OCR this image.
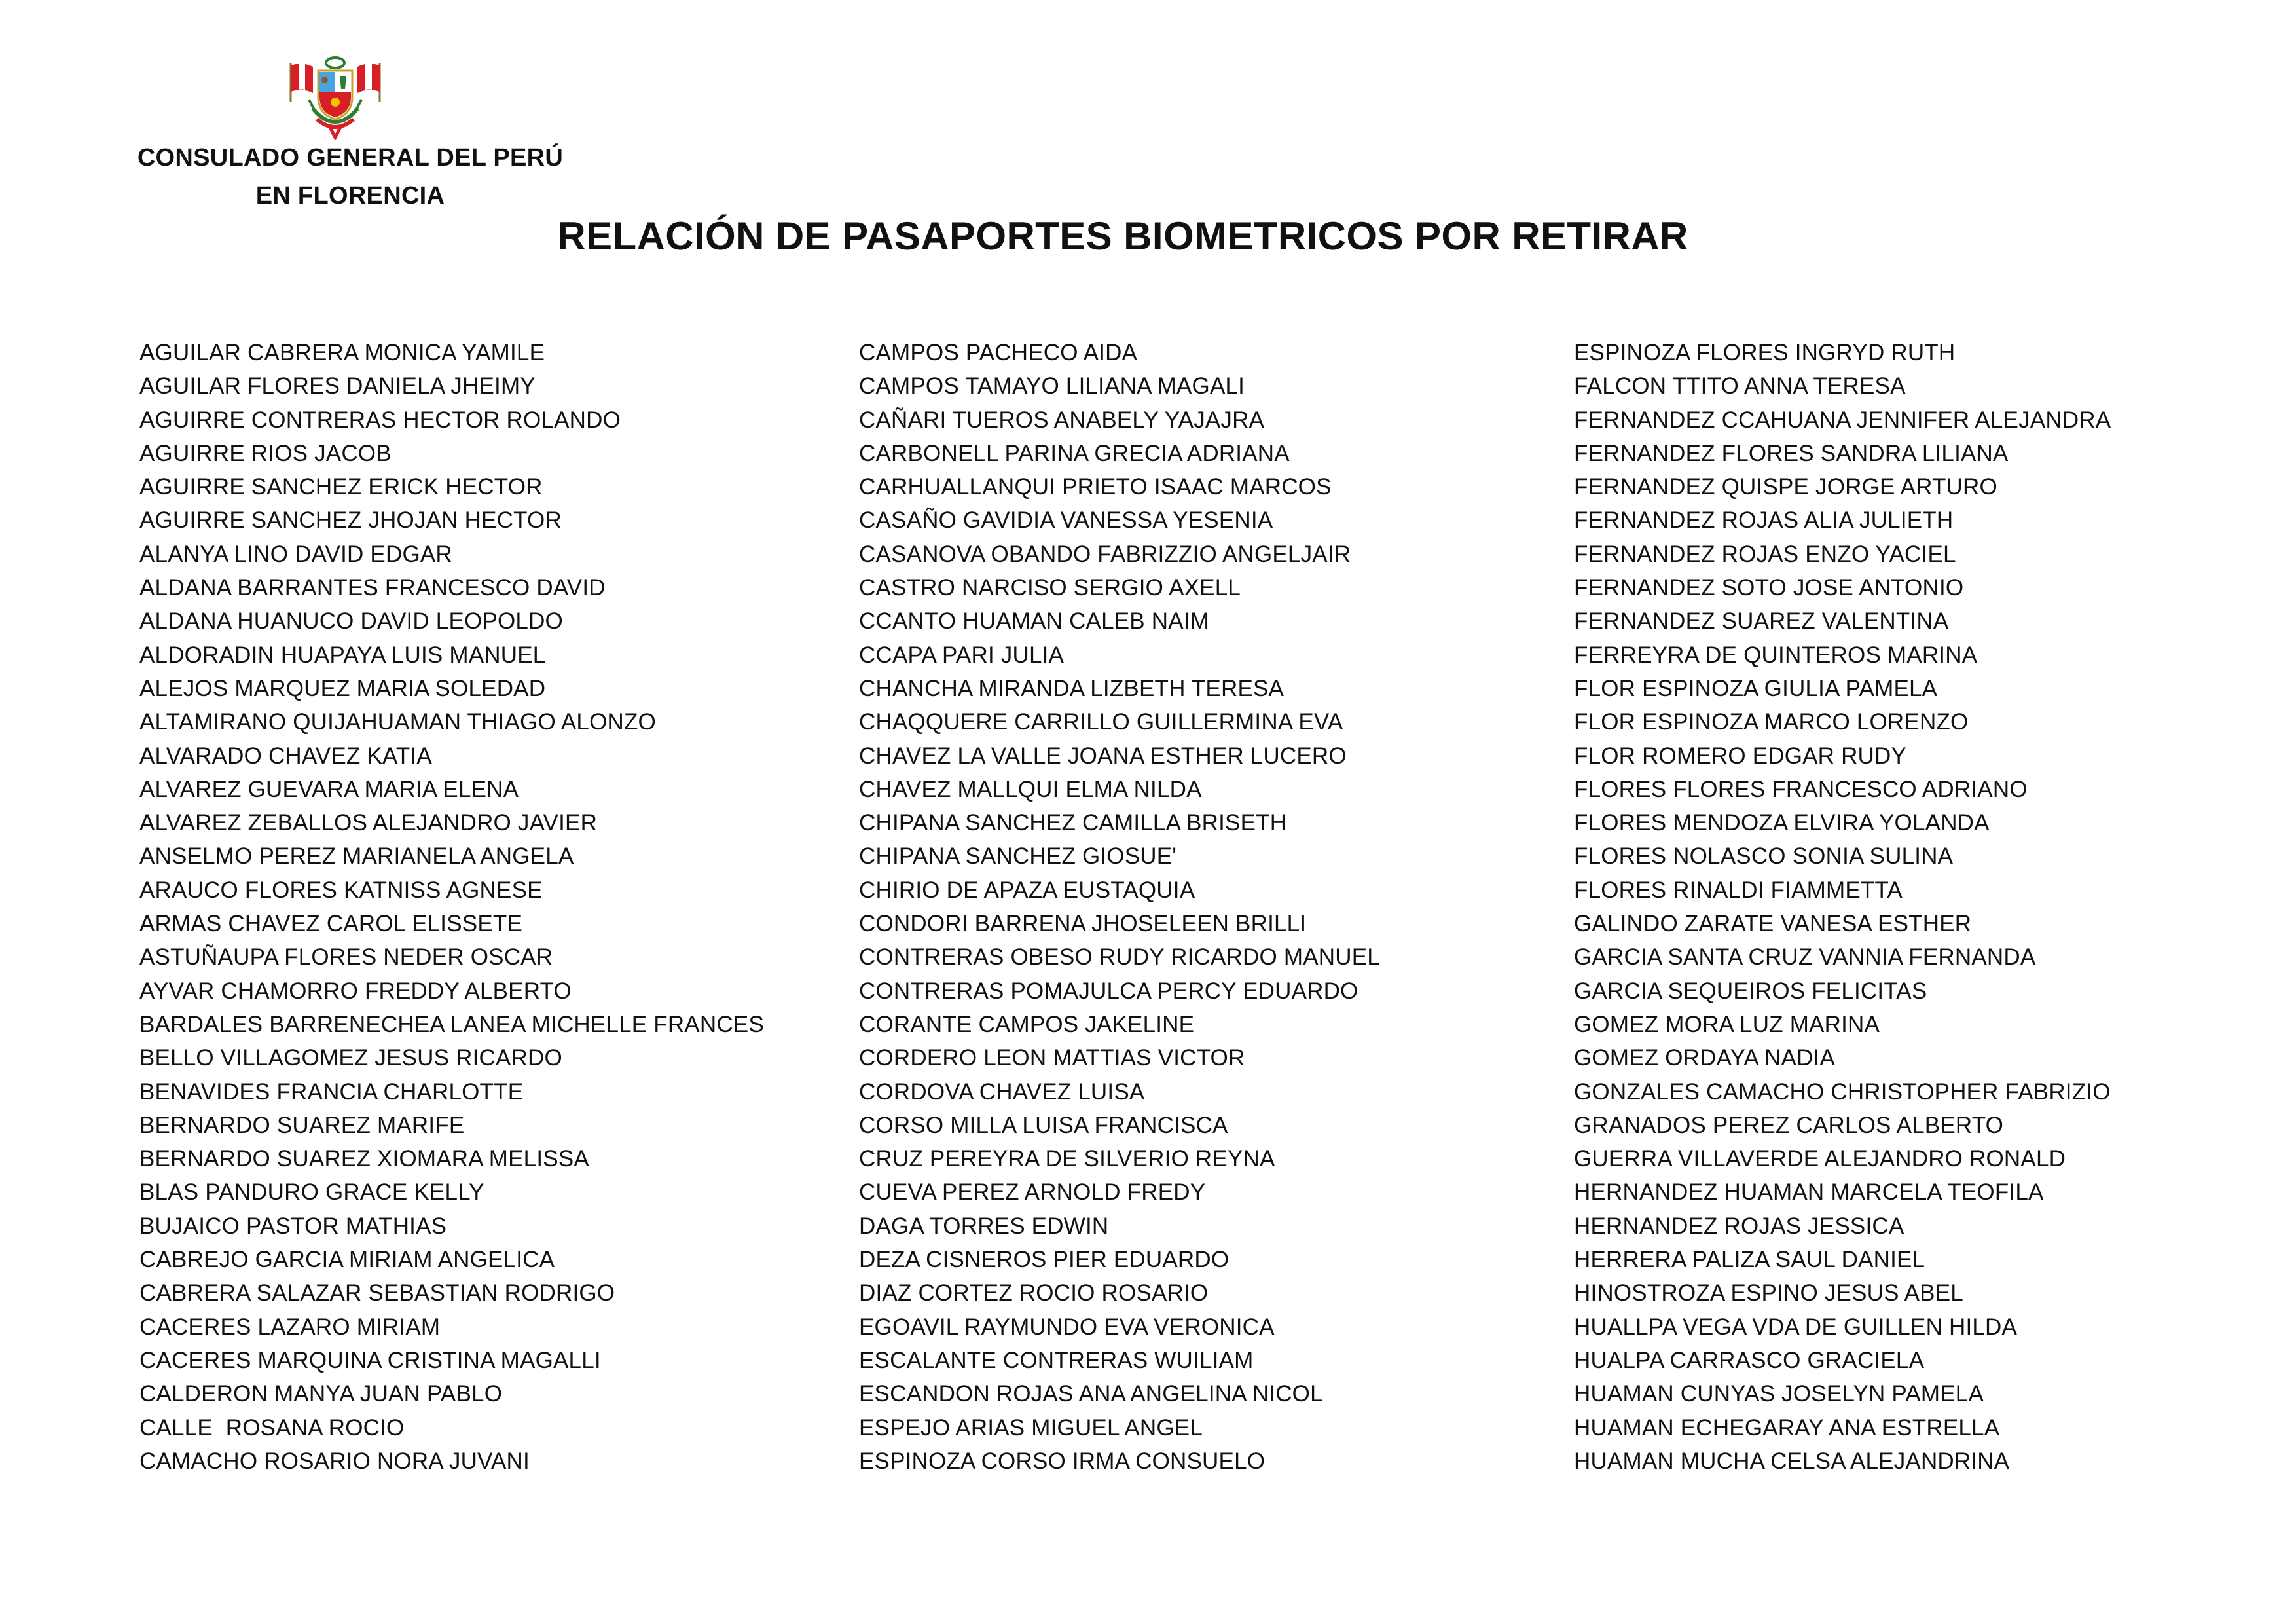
CONSULADO GENERAL DEL PERÚ
EN FLORENCIA
RELACIÓN DE PASAPORTES BIOMETRICOS POR RETIRAR
AGUILAR CABRERA MONICA YAMILE
AGUILAR FLORES DANIELA JHEIMY
AGUIRRE CONTRERAS HECTOR ROLANDO
AGUIRRE RIOS JACOB
AGUIRRE SANCHEZ ERICK HECTOR
AGUIRRE SANCHEZ JHOJAN HECTOR
ALANYA LINO DAVID EDGAR
ALDANA BARRANTES FRANCESCO DAVID
ALDANA HUANUCO DAVID LEOPOLDO
ALDORADIN HUAPAYA LUIS MANUEL
ALEJOS MARQUEZ MARIA SOLEDAD
ALTAMIRANO QUIJAHUAMAN THIAGO ALONZO
ALVARADO CHAVEZ KATIA
ALVAREZ GUEVARA MARIA ELENA
ALVAREZ ZEBALLOS ALEJANDRO JAVIER
ANSELMO PEREZ MARIANELA ANGELA
ARAUCO FLORES KATNISS AGNESE
ARMAS CHAVEZ CAROL ELISSETE
ASTUÑAUPA FLORES NEDER OSCAR
AYVAR CHAMORRO FREDDY ALBERTO
BARDALES BARRENECHEA LANEA MICHELLE FRANCES
BELLO VILLAGOMEZ JESUS RICARDO
BENAVIDES FRANCIA CHARLOTTE
BERNARDO SUAREZ MARIFE
BERNARDO SUAREZ XIOMARA MELISSA
BLAS PANDURO GRACE KELLY
BUJAICO PASTOR MATHIAS
CABREJO GARCIA MIRIAM ANGELICA
CABRERA SALAZAR SEBASTIAN RODRIGO
CACERES LAZARO MIRIAM
CACERES MARQUINA CRISTINA MAGALLI
CALDERON MANYA JUAN PABLO
CALLE  ROSANA ROCIO
CAMACHO ROSARIO NORA JUVANI
CAMPOS PACHECO AIDA
CAMPOS TAMAYO LILIANA MAGALI
CAÑARI TUEROS ANABELY YAJAJRA
CARBONELL PARINA GRECIA ADRIANA
CARHUALLANQUI PRIETO ISAAC MARCOS
CASAÑO GAVIDIA VANESSA YESENIA
CASANOVA OBANDO FABRIZZIO ANGELJAIR
CASTRO NARCISO SERGIO AXELL
CCANTO HUAMAN CALEB NAIM
CCAPA PARI JULIA
CHANCHA MIRANDA LIZBETH TERESA
CHAQQUERE CARRILLO GUILLERMINA EVA
CHAVEZ LA VALLE JOANA ESTHER LUCERO
CHAVEZ MALLQUI ELMA NILDA
CHIPANA SANCHEZ CAMILLA BRISETH
CHIPANA SANCHEZ GIOSUE'
CHIRIO DE APAZA EUSTAQUIA
CONDORI BARRENA JHOSELEEN BRILLI
CONTRERAS OBESO RUDY RICARDO MANUEL
CONTRERAS POMAJULCA PERCY EDUARDO
CORANTE CAMPOS JAKELINE
CORDERO LEON MATTIAS VICTOR
CORDOVA CHAVEZ LUISA
CORSO MILLA LUISA FRANCISCA
CRUZ PEREYRA DE SILVERIO REYNA
CUEVA PEREZ ARNOLD FREDY
DAGA TORRES EDWIN
DEZA CISNEROS PIER EDUARDO
DIAZ CORTEZ ROCIO ROSARIO
EGOAVIL RAYMUNDO EVA VERONICA
ESCALANTE CONTRERAS WUILIAM
ESCANDON ROJAS ANA ANGELINA NICOL
ESPEJO ARIAS MIGUEL ANGEL
ESPINOZA CORSO IRMA CONSUELO
ESPINOZA FLORES INGRYD RUTH
FALCON TTITO ANNA TERESA
FERNANDEZ CCAHUANA JENNIFER ALEJANDRA
FERNANDEZ FLORES SANDRA LILIANA
FERNANDEZ QUISPE JORGE ARTURO
FERNANDEZ ROJAS ALIA JULIETH
FERNANDEZ ROJAS ENZO YACIEL
FERNANDEZ SOTO JOSE ANTONIO
FERNANDEZ SUAREZ VALENTINA
FERREYRA DE QUINTEROS MARINA
FLOR ESPINOZA GIULIA PAMELA
FLOR ESPINOZA MARCO LORENZO
FLOR ROMERO EDGAR RUDY
FLORES FLORES FRANCESCO ADRIANO
FLORES MENDOZA ELVIRA YOLANDA
FLORES NOLASCO SONIA SULINA
FLORES RINALDI FIAMMETTA
GALINDO ZARATE VANESA ESTHER
GARCIA SANTA CRUZ VANNIA FERNANDA
GARCIA SEQUEIROS FELICITAS
GOMEZ MORA LUZ MARINA
GOMEZ ORDAYA NADIA
GONZALES CAMACHO CHRISTOPHER FABRIZIO
GRANADOS PEREZ CARLOS ALBERTO
GUERRA VILLAVERDE ALEJANDRO RONALD
HERNANDEZ HUAMAN MARCELA TEOFILA
HERNANDEZ ROJAS JESSICA
HERRERA PALIZA SAUL DANIEL
HINOSTROZA ESPINO JESUS ABEL
HUALLPA VEGA VDA DE GUILLEN HILDA
HUALPA CARRASCO GRACIELA
HUAMAN CUNYAS JOSELYN PAMELA
HUAMAN ECHEGARAY ANA ESTRELLA
HUAMAN MUCHA CELSA ALEJANDRINA
